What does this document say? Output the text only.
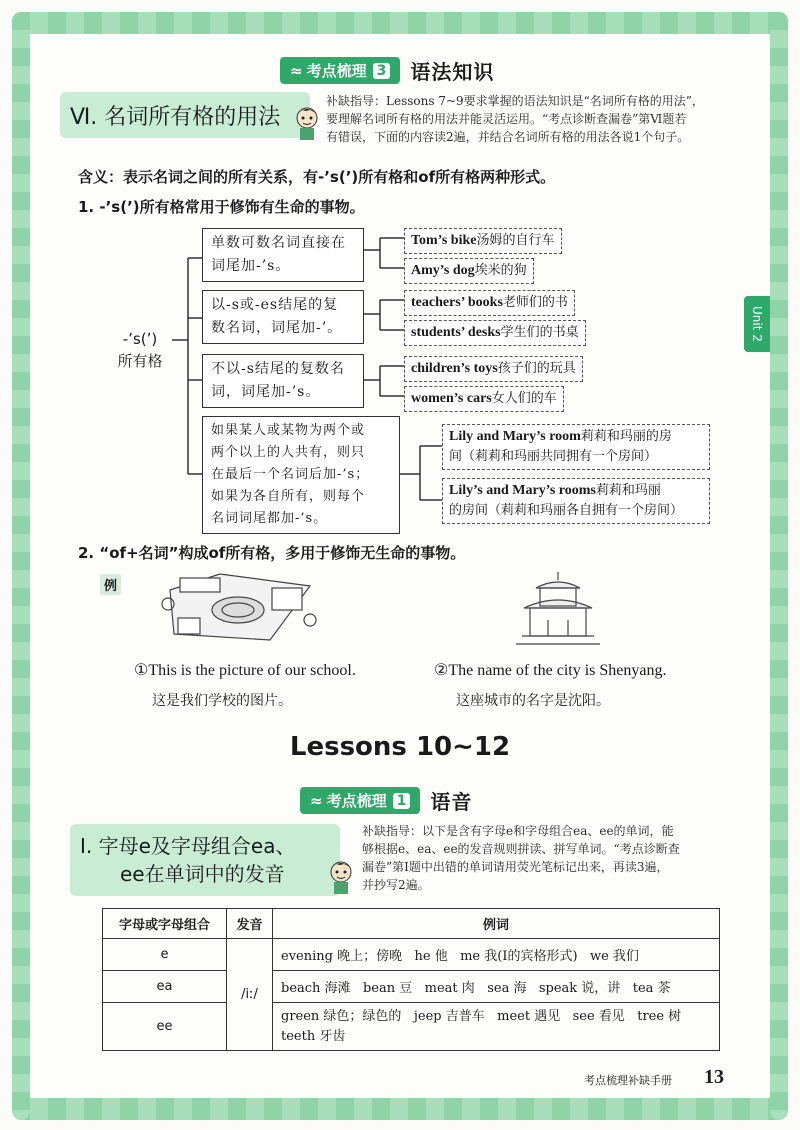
≈ 考点梳理 3 语法知识
Ⅵ. 名词所有格的用法
补缺指导：Lessons 7~9要求掌握的语法知识是“名词所有格的用法”，
要理解名词所有格的用法并能灵活运用。“考点诊断查漏卷”第Ⅵ题若
有错误，下面的内容读2遍，并结合名词所有格的用法各说1个句子。
含义：表示名词之间的所有关系，有-’s(’)所有格和of所有格两种形式。
1. -’s(’)所有格常用于修饰有生命的事物。
-’s(’)
所有格
单数可数名词直接在
词尾加-’s。
以-s或-es结尾的复
数名词，词尾加-’。
不以-s结尾的复数名
词，词尾加-’s。
如果某人或某物为两个或
两个以上的人共有，则只
在最后一个名词后加-’s；
如果为各自所有，则每个
名词词尾都加-’s。
Tom’s bike汤姆的自行车
Amy’s dog埃米的狗
teachers’ books老师们的书
students’ desks学生们的书桌
children’s toys孩子们的玩具
women’s cars女人们的车
Lily and Mary’s room莉莉和玛丽的房
间（莉莉和玛丽共同拥有一个房间）
Lily’s and Mary’s rooms莉莉和玛丽
的房间（莉莉和玛丽各自拥有一个房间）
2. “of+名词”构成of所有格，多用于修饰无生命的事物。
例
①This is the picture of our school.
这是我们学校的图片。
②The name of the city is Shenyang.
这座城市的名字是沈阳。
Lessons 10~12
≈ 考点梳理 1 语音
Ⅰ. 字母e及字母组合ea、
ee在单词中的发音
补缺指导：以下是含有字母e和字母组合ea、ee的单词，能
够根据e、ea、ee的发音规则拼读、拼写单词。“考点诊断查
漏卷”第Ⅰ题中出错的单词请用荧光笔标记出来，再读3遍，
并抄写2遍。
字母或字母组合	发音	例词
e	/iː/	evening 晚上；傍晚 he 他 me 我(I的宾格形式) we 我们
ea		beach 海滩 bean 豆 meat 肉 sea 海 speak 说，讲 tea 茶
ee		green 绿色；绿色的 jeep 吉普车 meet 遇见 see 看见 tree 树
teeth 牙齿
Unit 2
考点梳理补缺手册 13
